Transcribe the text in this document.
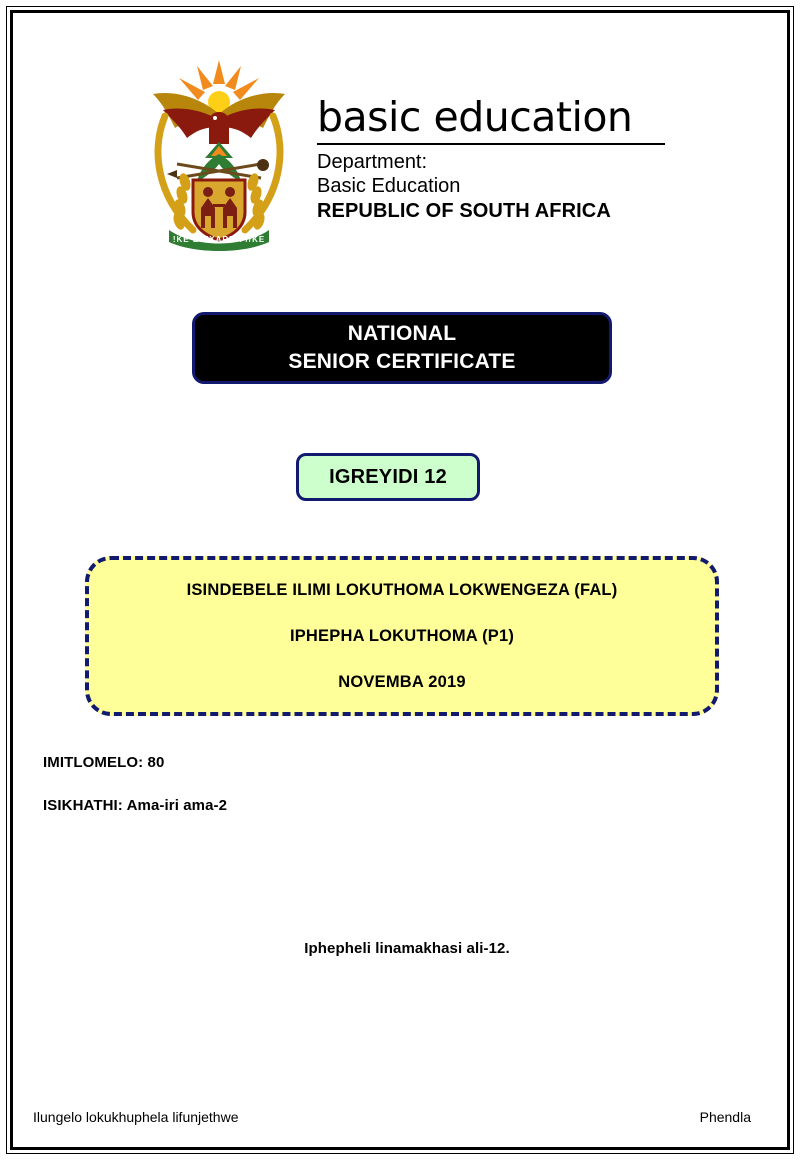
!KE E: /XARRA //KE
basic education
Department:
Basic Education
REPUBLIC OF SOUTH AFRICA
NATIONAL
SENIOR CERTIFICATE
IGREYIDI 12
ISINDEBELE ILIMI LOKUTHOMA LOKWENGEZA (FAL)
IPHEPHA LOKUTHOMA (P1)
NOVEMBA 2019
IMITLOMELO: 80
ISIKHATHI: Ama-iri ama-2
Iphepheli linamakhasi ali-12.
Ilungelo lokukhuphela lifunjethwe	Phendla
